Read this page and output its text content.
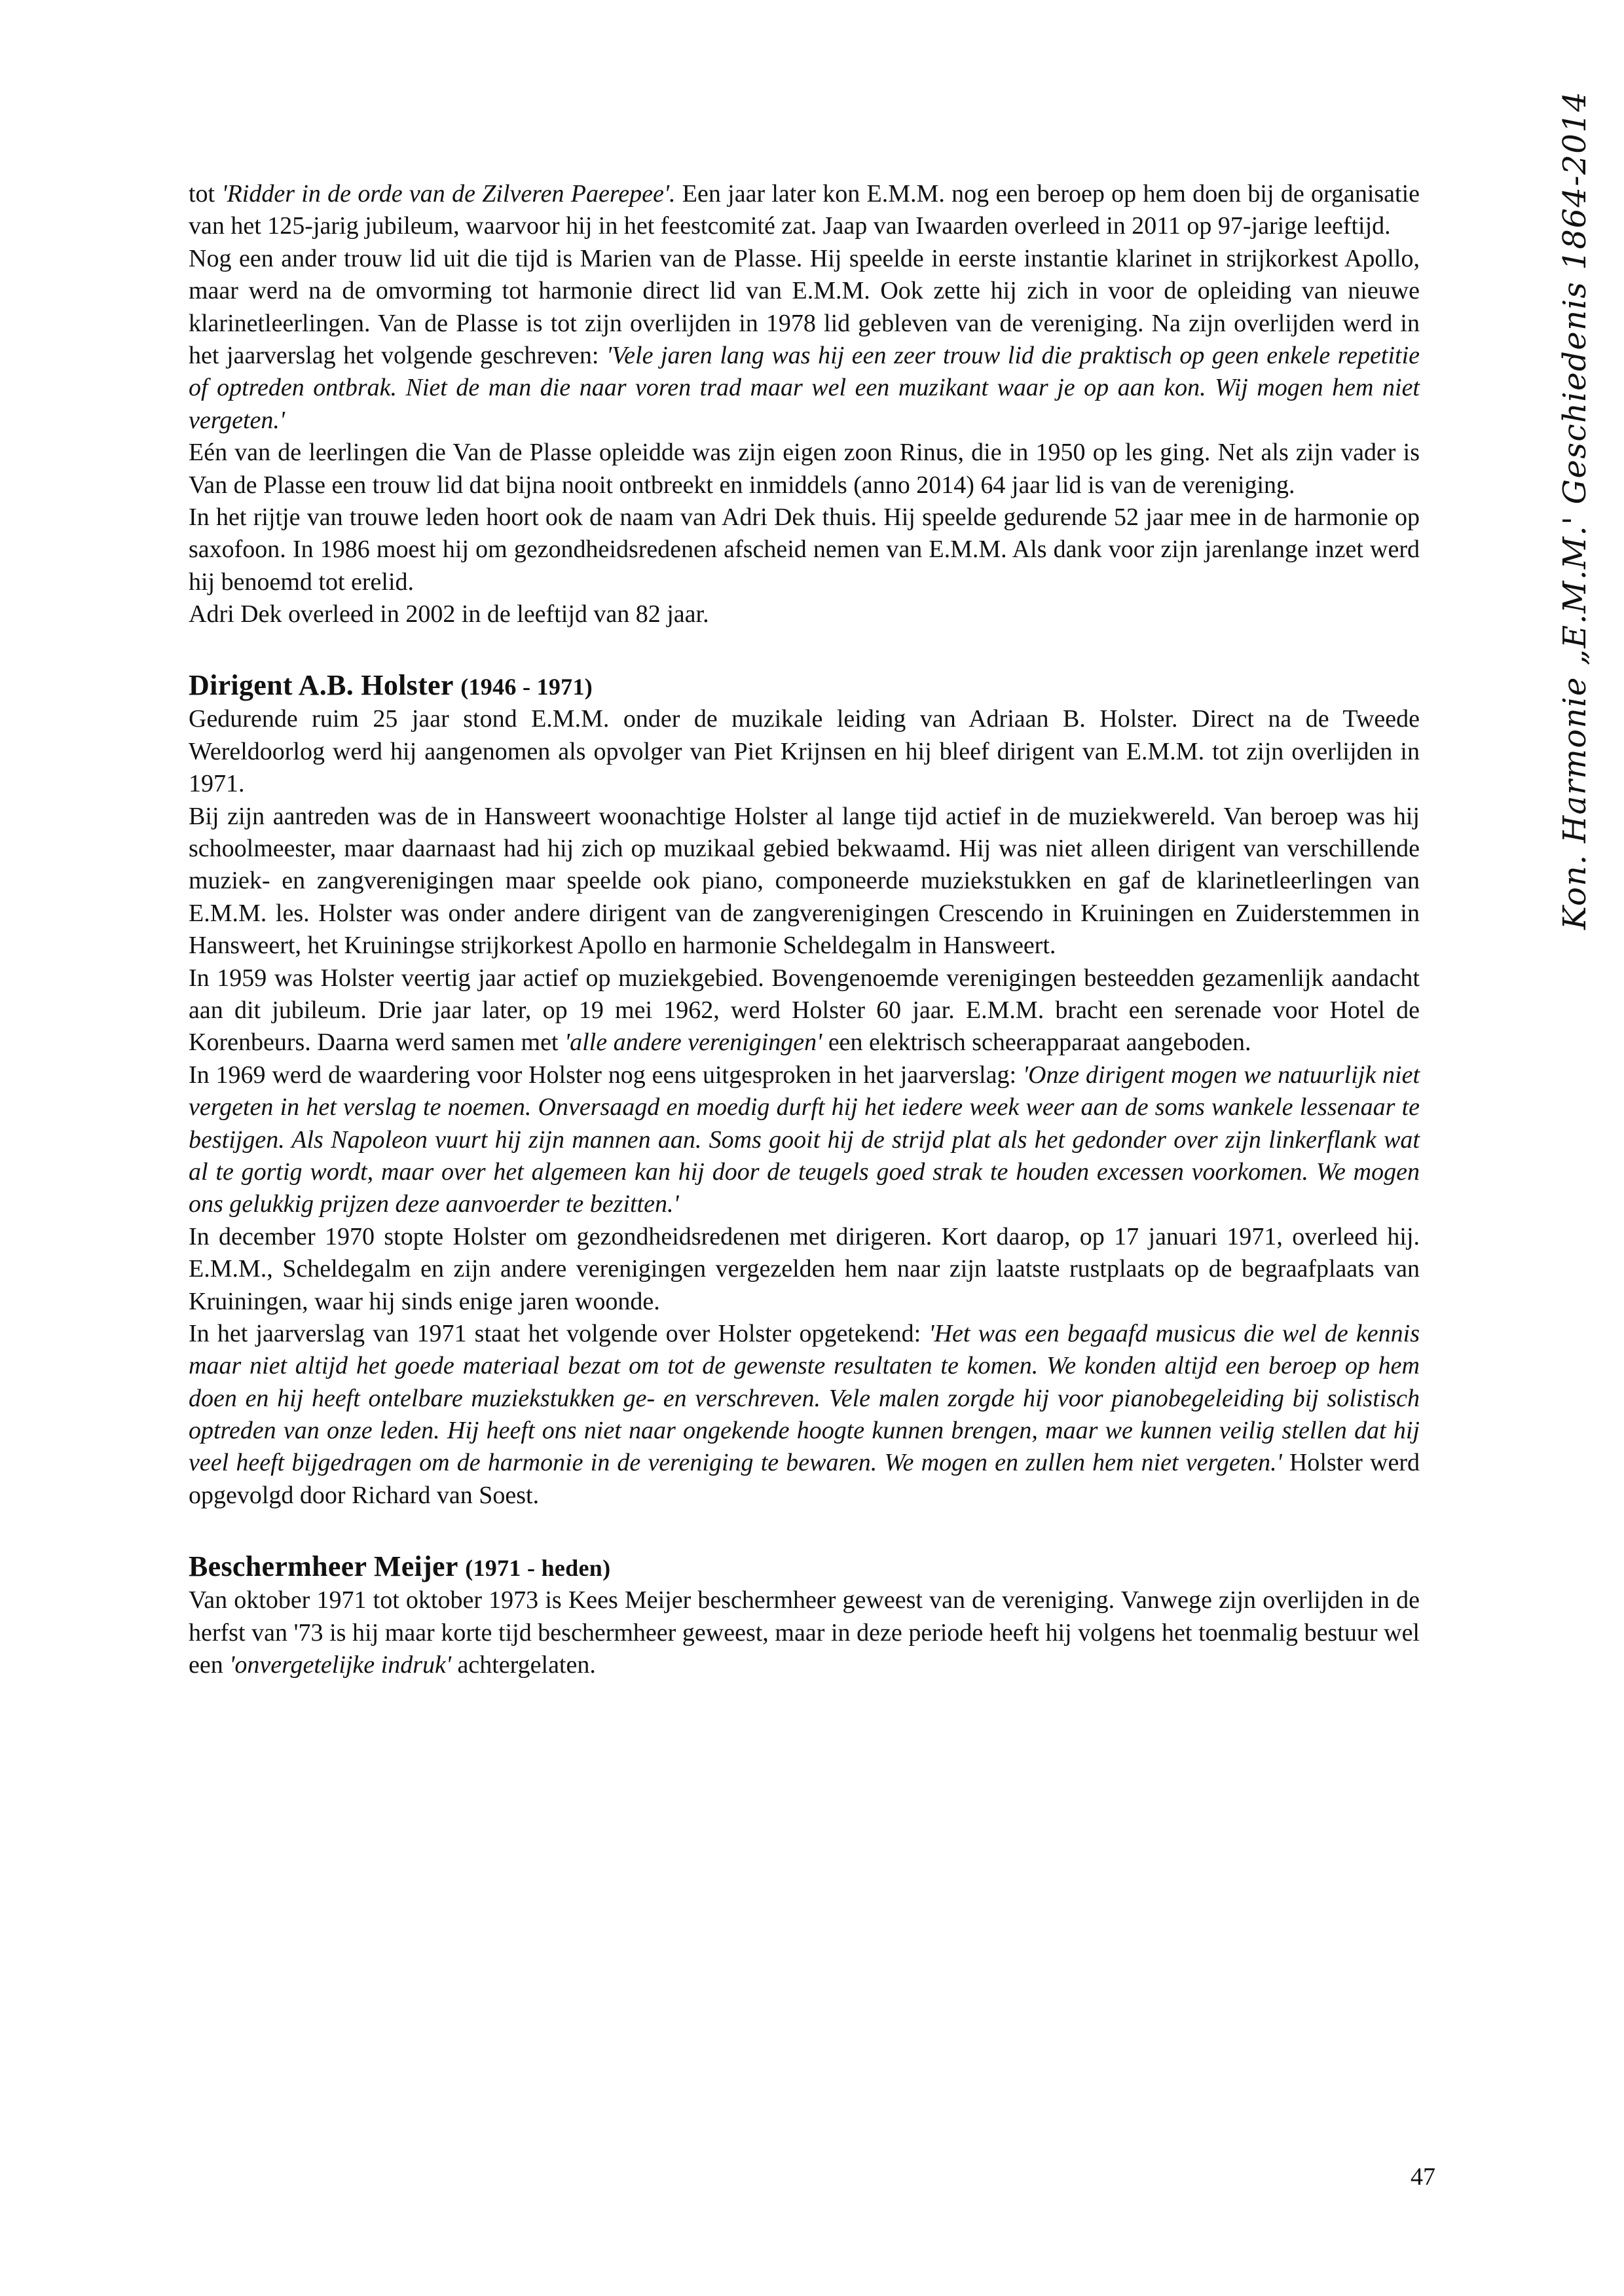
tot 'Ridder in de orde van de Zilveren Paerepee'. Een jaar later kon E.M.M. nog een beroep op hem doen bij de organisatie van het 125-jarig jubileum, waarvoor hij in het feestcomité zat. Jaap van Iwaarden overleed in 2011 op 97-jarige leeftijd.

Nog een ander trouw lid uit die tijd is Marien van de Plasse. Hij speelde in eerste instantie klarinet in strijkorkest Apollo, maar werd na de omvorming tot harmonie direct lid van E.M.M. Ook zette hij zich in voor de opleiding van nieuwe klarinetleerlingen. Van de Plasse is tot zijn overlijden in 1978 lid gebleven van de vereniging. Na zijn overlijden werd in het jaarverslag het volgende geschreven: 'Vele jaren lang was hij een zeer trouw lid die praktisch op geen enkele repetitie of optreden ontbrak. Niet de man die naar voren trad maar wel een muzikant waar je op aan kon. Wij mogen hem niet vergeten.'

Eén van de leerlingen die Van de Plasse opleidde was zijn eigen zoon Rinus, die in 1950 op les ging. Net als zijn vader is Van de Plasse een trouw lid dat bijna nooit ontbreekt en inmiddels (anno 2014) 64 jaar lid is van de vereniging.

In het rijtje van trouwe leden hoort ook de naam van Adri Dek thuis. Hij speelde gedurende 52 jaar mee in de harmonie op saxofoon. In 1986 moest hij om gezondheidsredenen afscheid nemen van E.M.M. Als dank voor zijn jarenlange inzet werd hij benoemd tot erelid.

Adri Dek overleed in 2002 in de leeftijd van 82 jaar.

Dirigent A.B. Holster (1946 - 1971)

Gedurende ruim 25 jaar stond E.M.M. onder de muzikale leiding van Adriaan B. Holster. Direct na de Tweede Wereldoorlog werd hij aangenomen als opvolger van Piet Krijnsen en hij bleef dirigent van E.M.M. tot zijn overlijden in 1971.

Bij zijn aantreden was de in Hansweert woonachtige Holster al lange tijd actief in de muziekwereld. Van beroep was hij schoolmeester, maar daarnaast had hij zich op muzikaal gebied bekwaamd. Hij was niet alleen dirigent van verschillende muziek- en zangverenigingen maar speelde ook piano, componeerde muziekstukken en gaf de klarinetleerlingen van E.M.M. les. Holster was onder andere dirigent van de zangverenigingen Crescendo in Kruiningen en Zuiderstemmen in Hansweert, het Kruiningse strijkorkest Apollo en harmonie Scheldegalm in Hansweert.

In 1959 was Holster veertig jaar actief op muziekgebied. Bovengenoemde verenigingen besteedden gezamenlijk aandacht aan dit jubileum. Drie jaar later, op 19 mei 1962, werd Holster 60 jaar. E.M.M. bracht een serenade voor Hotel de Korenbeurs. Daarna werd samen met 'alle andere verenigingen' een elektrisch scheerapparaat aangeboden.

In 1969 werd de waardering voor Holster nog eens uitgesproken in het jaarverslag: 'Onze dirigent mogen we natuurlijk niet vergeten in het verslag te noemen. Onversaagd en moedig durft hij het iedere week weer aan de soms wankele lessenaar te bestijgen. Als Napoleon vuurt hij zijn mannen aan. Soms gooit hij de strijd plat als het gedonder over zijn linkerflank wat al te gortig wordt, maar over het algemeen kan hij door de teugels goed strak te houden excessen voorkomen. We mogen ons gelukkig prijzen deze aanvoerder te bezitten.'

In december 1970 stopte Holster om gezondheidsredenen met dirigeren. Kort daarop, op 17 januari 1971, overleed hij. E.M.M., Scheldegalm en zijn andere verenigingen vergezelden hem naar zijn laatste rustplaats op de begraafplaats van Kruiningen, waar hij sinds enige jaren woonde.

In het jaarverslag van 1971 staat het volgende over Holster opgetekend: 'Het was een begaafd musicus die wel de kennis maar niet altijd het goede materiaal bezat om tot de gewenste resultaten te komen. We konden altijd een beroep op hem doen en hij heeft ontelbare muziekstukken ge- en verschreven. Vele malen zorgde hij voor pianobegeleiding bij solistisch optreden van onze leden. Hij heeft ons niet naar ongekende hoogte kunnen brengen, maar we kunnen veilig stellen dat hij veel heeft bijgedragen om de harmonie in de vereniging te bewaren. We mogen en zullen hem niet vergeten.' Holster werd opgevolgd door Richard van Soest.

Beschermheer Meijer (1971 - heden)

Van oktober 1971 tot oktober 1973 is Kees Meijer beschermheer geweest van de vereniging. Vanwege zijn overlijden in de herfst van '73 is hij maar korte tijd beschermheer geweest, maar in deze periode heeft hij volgens het toenmalig bestuur wel een 'onvergetelijke indruk' achtergelaten.

Kon. Harmonie „E.M.M.' Geschiedenis 1864-2014
47
